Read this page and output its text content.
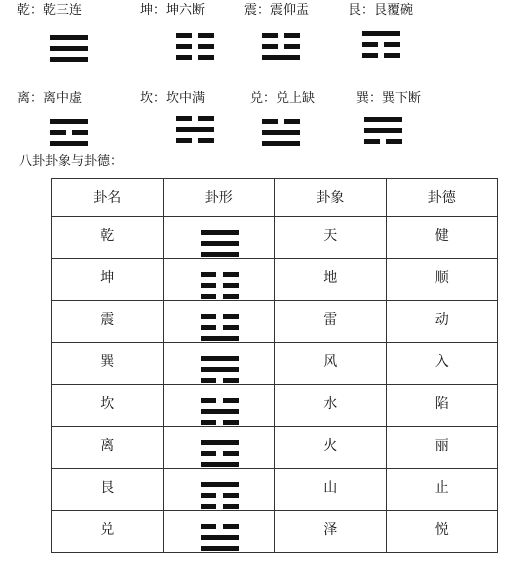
乾：乾三连	坤：坤六断	震：震仰盂	艮：艮覆碗
离：离中虚	坎：坎中满	兑：兑上缺	巽：巽下断
八卦卦象与卦德：
卦名	卦形	卦象	卦德
乾		天	健
坤		地	顺
震		雷	动
巽		风	入
坎		水	陷
离		火	丽
艮		山	止
兑		泽	悦
